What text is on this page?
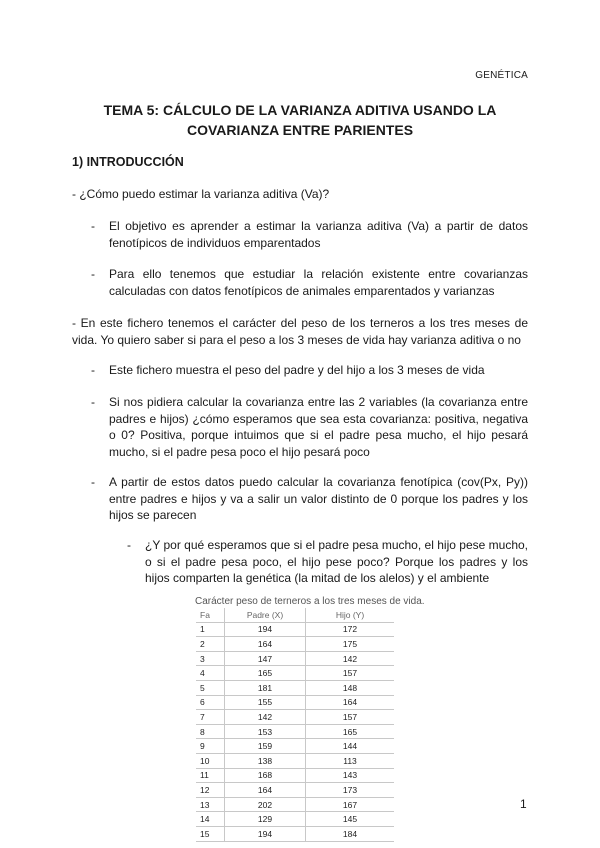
GENÉTICA
TEMA 5: CÁLCULO DE LA VARIANZA ADITIVA USANDO LA COVARIANZA ENTRE PARIENTES
1) INTRODUCCIÓN
- ¿Cómo puedo estimar la varianza aditiva (Va)?
- El objetivo es aprender a estimar la varianza aditiva (Va) a partir de datos fenotípicos de individuos emparentados
- Para ello tenemos que estudiar la relación existente entre covarianzas calculadas con datos fenotípicos de animales emparentados y varianzas
- En este fichero tenemos el carácter del peso de los terneros a los tres meses de vida. Yo quiero saber si para el peso a los 3 meses de vida hay varianza aditiva o no
- Este fichero muestra el peso del padre y del hijo a los 3 meses de vida
- Si nos pidiera calcular la covarianza entre las 2 variables (la covarianza entre padres e hijos) ¿cómo esperamos que sea esta covarianza: positiva, negativa o 0? Positiva, porque intuimos que si el padre pesa mucho, el hijo pesará mucho, si el padre pesa poco el hijo pesará poco
- A partir de estos datos puedo calcular la covarianza fenotípica (cov(Px, Py)) entre padres e hijos y va a salir un valor distinto de 0 porque los padres y los hijos se parecen
- ¿Y por qué esperamos que si el padre pesa mucho, el hijo pese mucho, o si el padre pesa poco, el hijo pese poco? Porque los padres y los hijos comparten la genética (la mitad de los alelos) y el ambiente
Carácter peso de terneros a los tres meses de vida.
Fa	Padre (X)	Hijo (Y)
1	194	172
2	164	175
3	147	142
4	165	157
5	181	148
6	155	164
7	142	157
8	153	165
9	159	144
10	138	113
11	168	143
12	164	173
13	202	167
14	129	145
15	194	184
1
